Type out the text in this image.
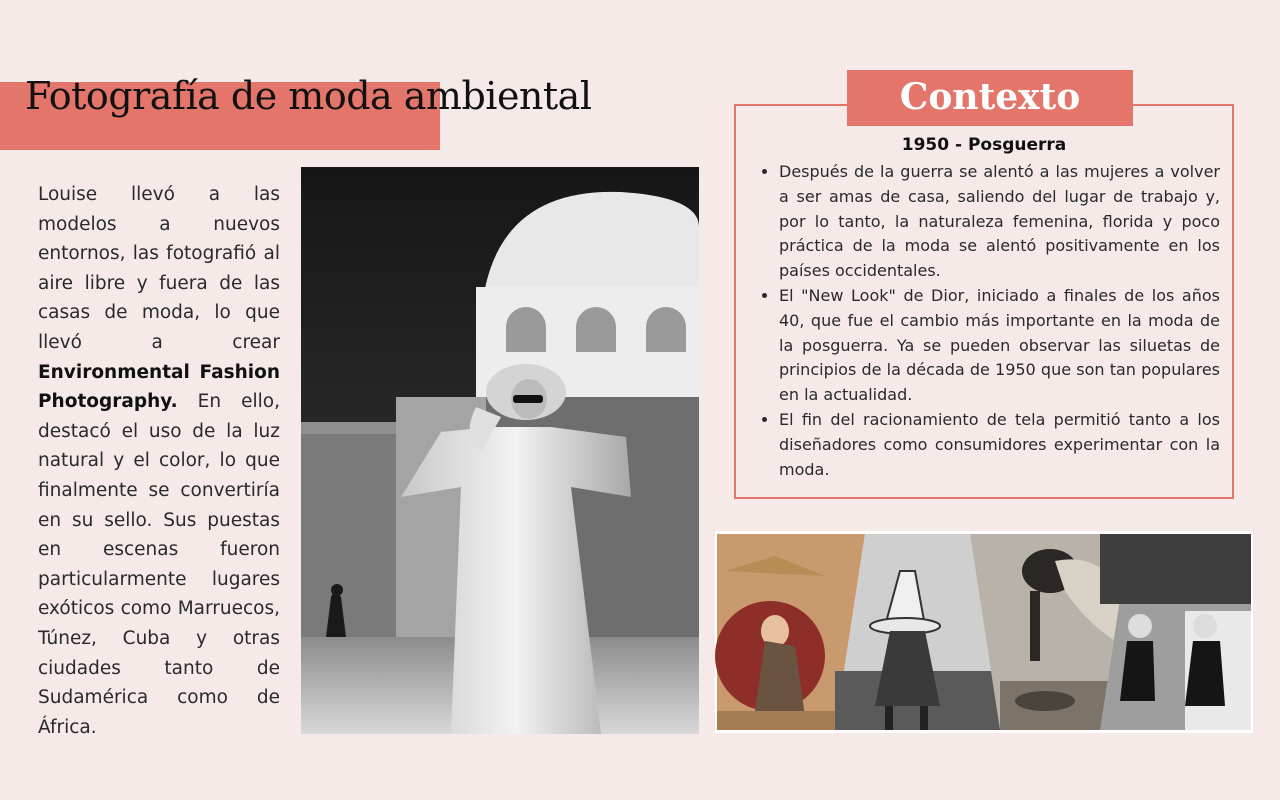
Fotografía de moda ambiental

Louise llevó a las modelos a nuevos entornos, las fotografió al aire libre y fuera de las casas de moda, lo que llevó a crear Environmental Fashion Photography. En ello, destacó el uso de la luz natural y el color, lo que finalmente se convertiría en su sello. Sus puestas en escenas fueron particularmente lugares exóticos como Marruecos, Túnez, Cuba y otras ciudades tanto de Sudamérica como de África.

Contexto
1950 - Posguerra
• Después de la guerra se alentó a las mujeres a volver a ser amas de casa, saliendo del lugar de trabajo y, por lo tanto, la naturaleza femenina, florida y poco práctica de la moda se alentó positivamente en los países occidentales.
• El "New Look" de Dior, iniciado a finales de los años 40, que fue el cambio más importante en la moda de la posguerra. Ya se pueden observar las siluetas de principios de la década de 1950 que son tan populares en la actualidad.
• El fin del racionamiento de tela permitió tanto a los diseñadores como consumidores experimentar con la moda.
